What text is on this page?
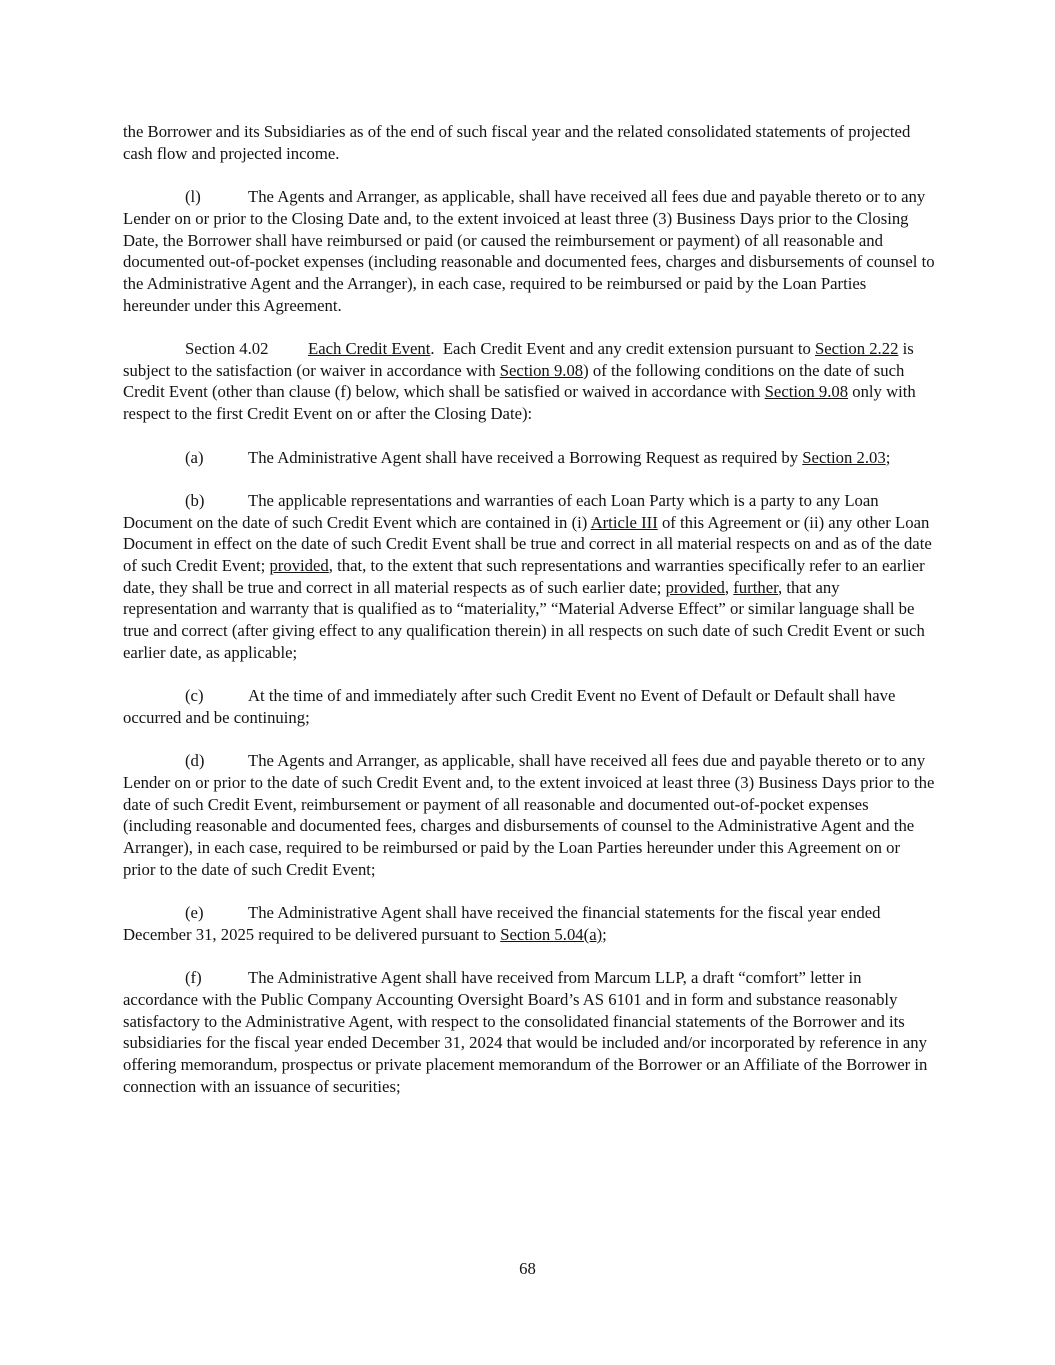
the Borrower and its Subsidiaries as of the end of such fiscal year and the related consolidated statements of projected cash flow and projected income.

(l)	The Agents and Arranger, as applicable, shall have received all fees due and payable thereto or to any Lender on or prior to the Closing Date and, to the extent invoiced at least three (3) Business Days prior to the Closing Date, the Borrower shall have reimbursed or paid (or caused the reimbursement or payment) of all reasonable and documented out-of-pocket expenses (including reasonable and documented fees, charges and disbursements of counsel to the Administrative Agent and the Arranger), in each case, required to be reimbursed or paid by the Loan Parties hereunder under this Agreement.

Section 4.02 Each Credit Event.  Each Credit Event and any credit extension pursuant to Section 2.22 is subject to the satisfaction (or waiver in accordance with Section 9.08) of the following conditions on the date of such Credit Event (other than clause (f) below, which shall be satisfied or waived in accordance with Section 9.08 only with respect to the first Credit Event on or after the Closing Date):

(a)	The Administrative Agent shall have received a Borrowing Request as required by Section 2.03;

(b)	The applicable representations and warranties of each Loan Party which is a party to any Loan Document on the date of such Credit Event which are contained in (i) Article III of this Agreement or (ii) any other Loan Document in effect on the date of such Credit Event shall be true and correct in all material respects on and as of the date of such Credit Event; provided, that, to the extent that such representations and warranties specifically refer to an earlier date, they shall be true and correct in all material respects as of such earlier date; provided, further, that any representation and warranty that is qualified as to “materiality,” “Material Adverse Effect” or similar language shall be true and correct (after giving effect to any qualification therein) in all respects on such date of such Credit Event or such earlier date, as applicable;

(c)	At the time of and immediately after such Credit Event no Event of Default or Default shall have occurred and be continuing;

(d)	The Agents and Arranger, as applicable, shall have received all fees due and payable thereto or to any Lender on or prior to the date of such Credit Event and, to the extent invoiced at least three (3) Business Days prior to the date of such Credit Event, reimbursement or payment of all reasonable and documented out-of-pocket expenses (including reasonable and documented fees, charges and disbursements of counsel to the Administrative Agent and the Arranger), in each case, required to be reimbursed or paid by the Loan Parties hereunder under this Agreement on or prior to the date of such Credit Event;

(e)	The Administrative Agent shall have received the financial statements for the fiscal year ended December 31, 2025 required to be delivered pursuant to Section 5.04(a);

(f)	The Administrative Agent shall have received from Marcum LLP, a draft “comfort” letter in accordance with the Public Company Accounting Oversight Board’s AS 6101 and in form and substance reasonably satisfactory to the Administrative Agent, with respect to the consolidated financial statements of the Borrower and its subsidiaries for the fiscal year ended December 31, 2024 that would be included and/or incorporated by reference in any offering memorandum, prospectus or private placement memorandum of the Borrower or an Affiliate of the Borrower in connection with an issuance of securities;

68
